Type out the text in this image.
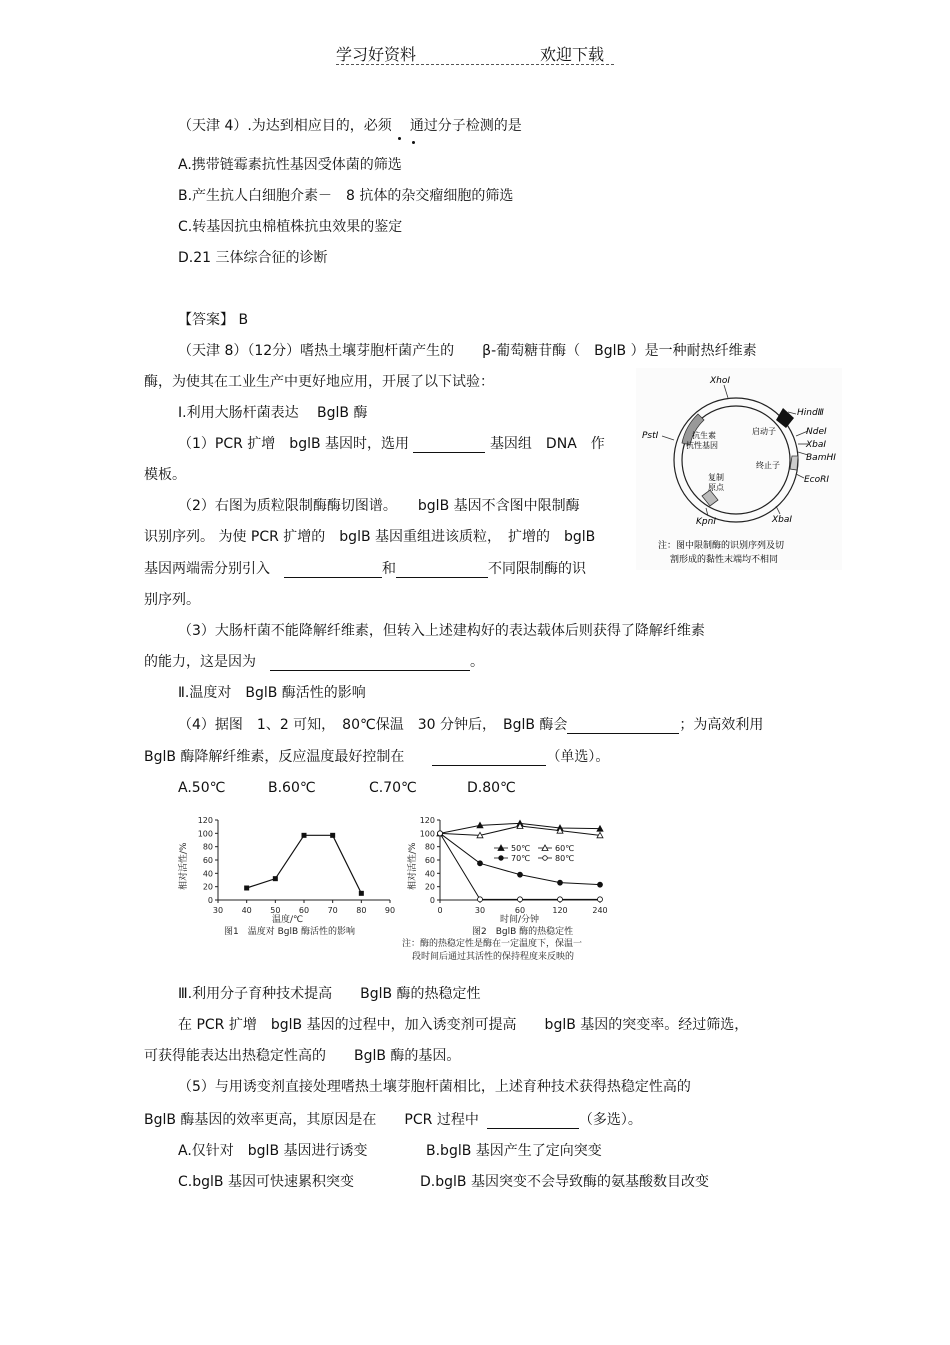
学习好资料	欢迎下载
（天津 4）.为达到相应目的，必须 通过分子检测的是
A.携带链霉素抗性基因受体菌的筛选
B.产生抗人白细胞介素－　8 抗体的杂交瘤细胞的筛选
C.转基因抗虫棉植株抗虫效果的鉴定
D.21 三体综合征的诊断
【答案】 B
（天津 8）（12分）嗜热土壤芽胞杆菌产生的　　β-葡萄糖苷酶（　BglB ）是一种耐热纤维素
酶，为使其在工业生产中更好地应用，开展了以下试验：
Ⅰ.利用大肠杆菌表达　 BglB 酶
（1）PCR 扩增　bglB 基因时，选用	基因组　DNA　作
模板。
（2）右图为质粒限制酶酶切图谱。　　bglB 基因不含图中限制酶
识别序列。 为使 PCR 扩增的　bglB 基因重组进该质粒，　扩增的　bglB
基因两端需分别引入	和	不同限制酶的识
别序列。
（3）大肠杆菌不能降解纤维素，但转入上述建构好的表达载体后则获得了降解纤维素
的能力，这是因为	。
Ⅱ.温度对　BglB 酶活性的影响
（4）据图　1、2 可知，　80℃保温　30 分钟后，　BglB 酶会	；为高效利用
BglB 酶降解纤维素，反应温度最好控制在	（单选）。
A.50℃	B.60℃	C.70℃	D.80℃
XhoI
HindⅢ
NdeI
XbaI
BamHI
EcoRI
XbaI
KpnI
PstI	启动子
抗生素
抗性基因
复制
原点
终止子
注：图中限制酶的识别序列及切
割形成的黏性末端均不相同
温度/℃
相对活性/%
图1　温度对 BglB 酶活性的影响
0
20
40
60
80
100
120
30 40 50 60 70 80 90
时间/分钟
相对活性/%
图2　BglB 酶的热稳定性
注：酶的热稳定性是酶在一定温度下，保温一
段时间后通过其活性的保持程度来反映的
0
20
40
60
80
100
120
0	30	60	120	240
50℃	60℃
70℃	80℃
Ⅲ.利用分子育种技术提高　　BglB 酶的热稳定性
在 PCR 扩增　bglB 基因的过程中，加入诱变剂可提高　　bglB 基因的突变率。经过筛选，
可获得能表达出热稳定性高的　　BglB 酶的基因。
（5）与用诱变剂直接处理嗜热土壤芽胞杆菌相比，上述育种技术获得热稳定性高的
BglB 酶基因的效率更高，其原因是在　　PCR 过程中	（多选）。
A.仅针对　bglB 基因进行诱变	B.bglB 基因产生了定向突变
C.bglB 基因可快速累积突变	D.bglB 基因突变不会导致酶的氨基酸数目改变
